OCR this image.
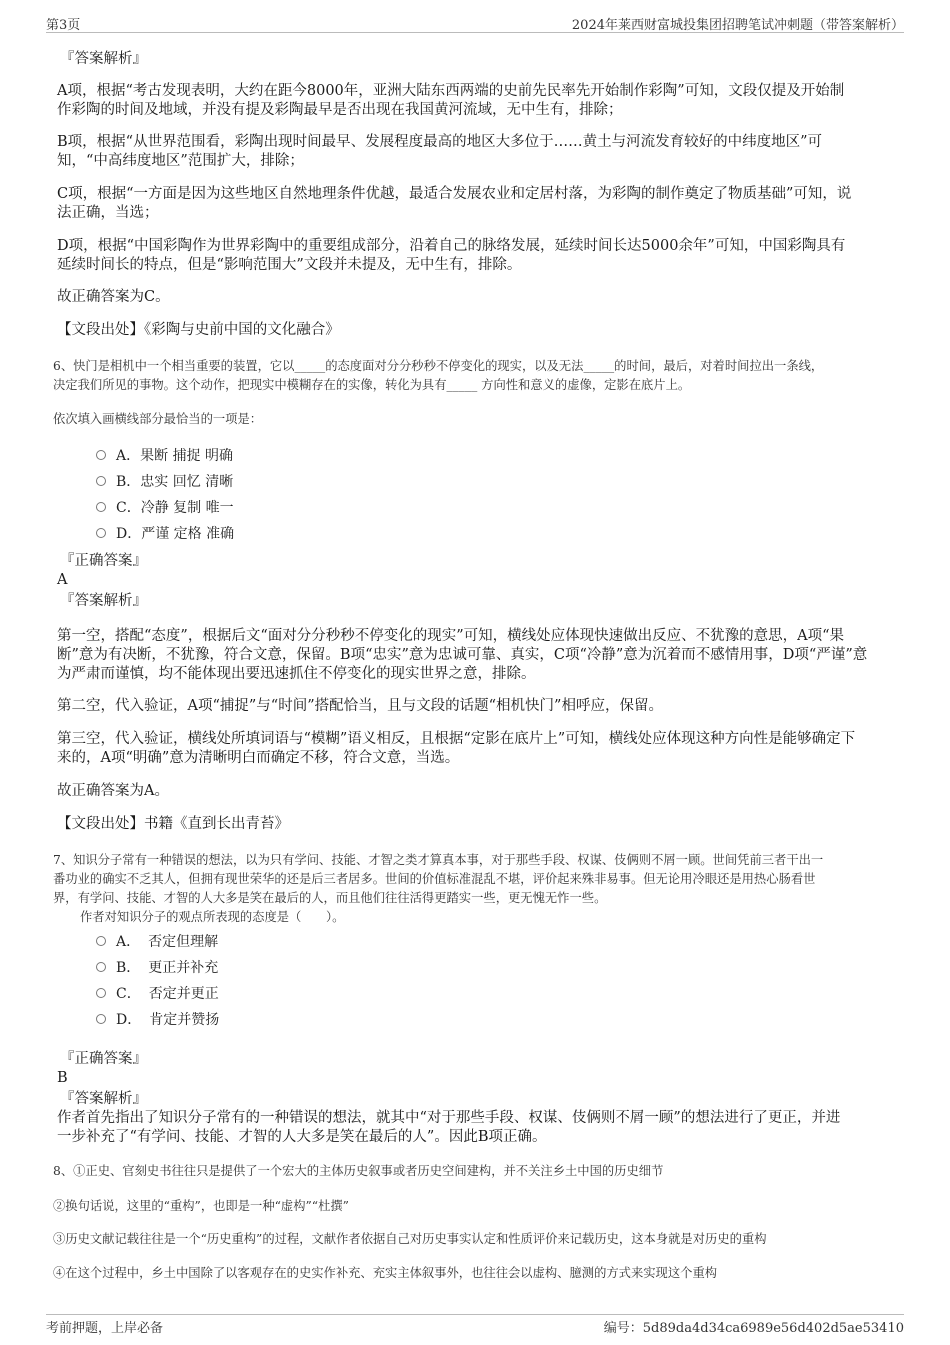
第3页	2024年莱西财富城投集团招聘笔试冲刺题（带答案解析）
『答案解析』
A项，根据“考古发现表明，大约在距今8000年，亚洲大陆东西两端的史前先民率先开始制作彩陶”可知，文段仅提及开始制
作彩陶的时间及地域，并没有提及彩陶最早是否出现在我国黄河流域，无中生有，排除；
B项，根据“从世界范围看，彩陶出现时间最早、发展程度最高的地区大多位于……黄土与河流发育较好的中纬度地区”可
知，“中高纬度地区”范围扩大，排除；
C项，根据“一方面是因为这些地区自然地理条件优越，最适合发展农业和定居村落，为彩陶的制作奠定了物质基础”可知，说
法正确，当选；
D项，根据“中国彩陶作为世界彩陶中的重要组成部分，沿着自己的脉络发展，延续时间长达5000余年”可知，中国彩陶具有
延续时间长的特点，但是“影响范围大”文段并未提及，无中生有，排除。
故正确答案为C。
【文段出处】《彩陶与史前中国的文化融合》
6、快门是相机中一个相当重要的装置，它以_____的态度面对分分秒秒不停变化的现实，以及无法_____的时间，最后，对着时间拉出一条线，
决定我们所见的事物。这个动作，把现实中模糊存在的实像，转化为具有_____ 方向性和意义的虚像，定影在底片上。
依次填入画横线部分最恰当的一项是：
A．果断 捕捉 明确
B．忠实 回忆 清晰
C．冷静 复制 唯一
D．严谨 定格 准确
『正确答案』
A
『答案解析』
第一空，搭配“态度”，根据后文“面对分分秒秒不停变化的现实”可知，横线处应体现快速做出反应、不犹豫的意思，A项“果
断”意为有决断，不犹豫，符合文意，保留。B项“忠实”意为忠诚可靠、真实，C项“冷静”意为沉着而不感情用事，D项“严谨”意
为严肃而谨慎，均不能体现出要迅速抓住不停变化的现实世界之意，排除。
第二空，代入验证，A项“捕捉”与“时间”搭配恰当，且与文段的话题“相机快门”相呼应，保留。
第三空，代入验证，横线处所填词语与“模糊”语义相反，且根据“定影在底片上”可知，横线处应体现这种方向性是能够确定下
来的，A项“明确”意为清晰明白而确定不移，符合文意，当选。
故正确答案为A。
【文段出处】书籍《直到长出青苔》
7、知识分子常有一种错误的想法，以为只有学问、技能、才智之类才算真本事，对于那些手段、权谋、伎俩则不屑一顾。世间凭前三者干出一
番功业的确实不乏其人，但拥有现世荣华的还是后三者居多。世间的价值标准混乱不堪，评价起来殊非易事。但无论用冷眼还是用热心肠看世
界，有学问、技能、才智的人大多是笑在最后的人，而且他们往往活得更踏实一些，更无愧无怍一些。
作者对知识分子的观点所表现的态度是（　　）。
A． 否定但理解
B． 更正并补充
C． 否定并更正
D． 肯定并赞扬
『正确答案』
B
『答案解析』
作者首先指出了知识分子常有的一种错误的想法，就其中“对于那些手段、权谋、伎俩则不屑一顾”的想法进行了更正，并进
一步补充了“有学问、技能、才智的人大多是笑在最后的人”。因此B项正确。
8、①正史、官刻史书往往只是提供了一个宏大的主体历史叙事或者历史空间建构，并不关注乡土中国的历史细节
②换句话说，这里的“重构”，也即是一种“虚构”“杜撰”
③历史文献记载往往是一个“历史重构”的过程，文献作者依据自己对历史事实认定和性质评价来记载历史，这本身就是对历史的重构
④在这个过程中，乡土中国除了以客观存在的史实作补充、充实主体叙事外，也往往会以虚构、臆测的方式来实现这个重构
考前押题，上岸必备	编号：5d89da4d34ca6989e56d402d5ae53410
